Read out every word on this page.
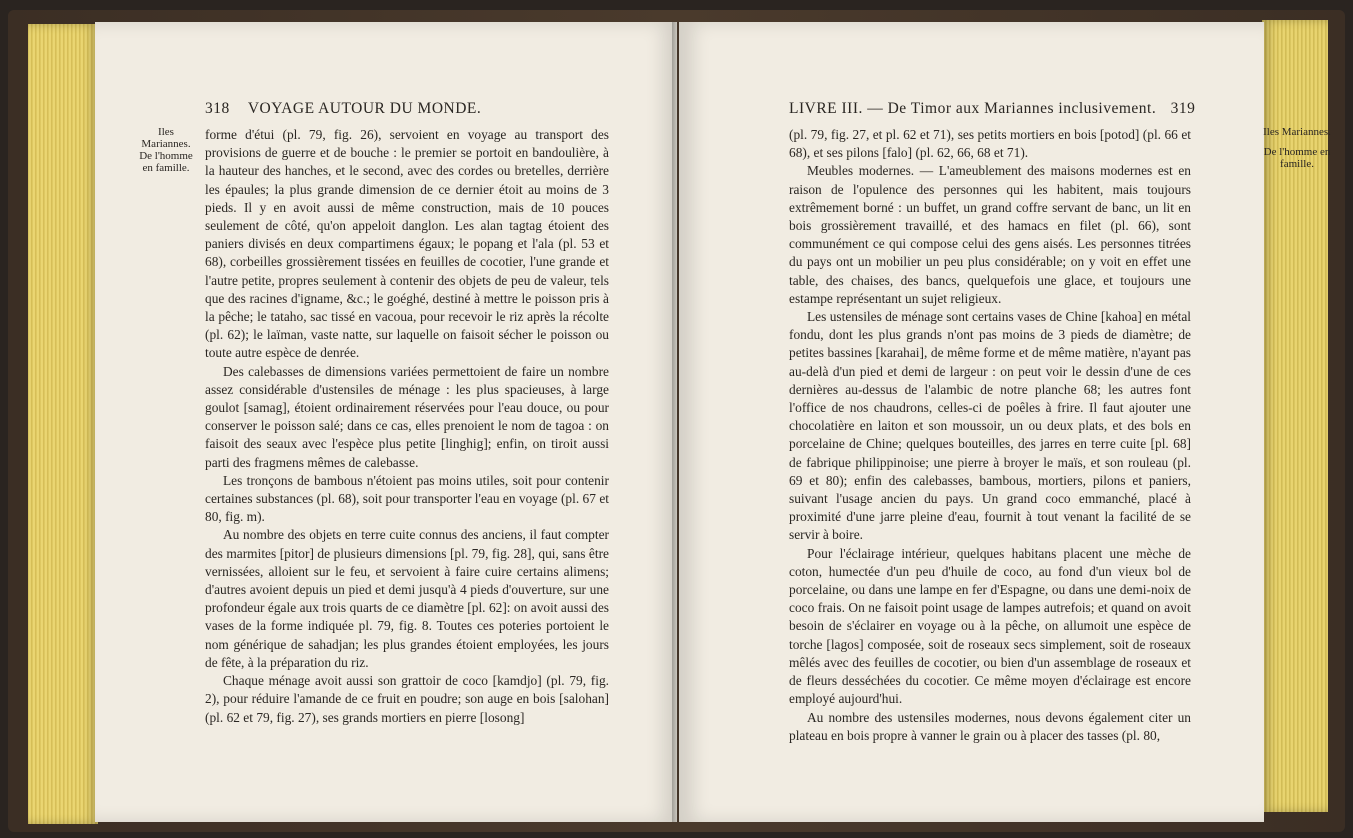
318 VOYAGE AUTOUR DU MONDE.
Iles Mariannes.
De l'homme en famille.

forme d'étui (pl. 79, fig. 26), servoient en voyage au transport des provisions de guerre et de bouche : le premier se portoit en bandoulière, à la hauteur des hanches, et le second, avec des cordes ou bretelles, derrière les épaules; la plus grande dimension de ce dernier étoit au moins de 3 pieds. Il y en avoit aussi de même construction, mais de 10 pouces seulement de côté, qu'on appeloit danglon. Les alan tagtag étoient des paniers divisés en deux compartimens égaux; le popang et l'ala (pl. 53 et 68), corbeilles grossièrement tissées en feuilles de cocotier, l'une grande et l'autre petite, propres seulement à contenir des objets de peu de valeur, tels que des racines d'igname, &c.; le goéghé, destiné à mettre le poisson pris à la pêche; le tataho, sac tissé en vacoua, pour recevoir le riz après la récolte (pl. 62); le laïman, vaste natte, sur laquelle on faisoit sécher le poisson ou toute autre espèce de denrée.

Des calebasses de dimensions variées permettoient de faire un nombre assez considérable d'ustensiles de ménage : les plus spacieuses, à large goulot [samag], étoient ordinairement réservées pour l'eau douce, ou pour conserver le poisson salé; dans ce cas, elles prenoient le nom de tagoa : on faisoit des seaux avec l'espèce plus petite [linghig]; enfin, on tiroit aussi parti des fragmens mêmes de calebasse.

Les tronçons de bambous n'étoient pas moins utiles, soit pour contenir certaines substances (pl. 68), soit pour transporter l'eau en voyage (pl. 67 et 80, fig. m).

Au nombre des objets en terre cuite connus des anciens, il faut compter des marmites [pitor] de plusieurs dimensions [pl. 79, fig. 28], qui, sans être vernissées, alloient sur le feu, et servoient à faire cuire certains alimens; d'autres avoient depuis un pied et demi jusqu'à 4 pieds d'ouverture, sur une profondeur égale aux trois quarts de ce diamètre [pl. 62]: on avoit aussi des vases de la forme indiquée pl. 79, fig. 8. Toutes ces poteries portoient le nom générique de sahadjan; les plus grandes étoient employées, les jours de fête, à la préparation du riz.

Chaque ménage avoit aussi son grattoir de coco [kamdjo] (pl. 79, fig. 2), pour réduire l'amande de ce fruit en poudre; son auge en bois [salohan] (pl. 62 et 79, fig. 27), ses grands mortiers en pierre [losong]

LIVRE III. — De Timor aux Mariannes inclusivement. 319

(pl. 79, fig. 27, et pl. 62 et 71), ses petits mortiers en bois [potod] (pl. 66 et 68), et ses pilons [falo] (pl. 62, 66, 68 et 71).

Meubles modernes. — L'ameublement des maisons modernes est en raison de l'opulence des personnes qui les habitent, mais toujours extrêmement borné : un buffet, un grand coffre servant de banc, un lit en bois grossièrement travaillé, et des hamacs en filet (pl. 66), sont communément ce qui compose celui des gens aisés. Les personnes titrées du pays ont un mobilier un peu plus considérable; on y voit en effet une table, des chaises, des bancs, quelquefois une glace, et toujours une estampe représentant un sujet religieux.

Les ustensiles de ménage sont certains vases de Chine [kahoa] en métal fondu, dont les plus grands n'ont pas moins de 3 pieds de diamètre; de petites bassines [karahai], de même forme et de même matière, n'ayant pas au-delà d'un pied et demi de largeur : on peut voir le dessin d'une de ces dernières au-dessus de l'alambic de notre planche 68; les autres font l'office de nos chaudrons, celles-ci de poêles à frire. Il faut ajouter une chocolatière en laiton et son moussoir, un ou deux plats, et des bols en porcelaine de Chine; quelques bouteilles, des jarres en terre cuite [pl. 68] de fabrique philippinoise; une pierre à broyer le maïs, et son rouleau (pl. 69 et 80); enfin des calebasses, bambous, mortiers, pilons et paniers, suivant l'usage ancien du pays. Un grand coco emmanché, placé à proximité d'une jarre pleine d'eau, fournit à tout venant la facilité de se servir à boire.

Pour l'éclairage intérieur, quelques habitans placent une mèche de coton, humectée d'un peu d'huile de coco, au fond d'un vieux bol de porcelaine, ou dans une lampe en fer d'Espagne, ou dans une demi-noix de coco frais. On ne faisoit point usage de lampes autrefois; et quand on avoit besoin de s'éclairer en voyage ou à la pêche, on allumoit une espèce de torche [lagos] composée, soit de roseaux secs simplement, soit de roseaux mêlés avec des feuilles de cocotier, ou bien d'un assemblage de roseaux et de fleurs desséchées du cocotier. Ce même moyen d'éclairage est encore employé aujourd'hui.

Au nombre des ustensiles modernes, nous devons également citer un plateau en bois propre à vanner le grain ou à placer des tasses (pl. 80,

Iles Mariannes.
De l'homme en famille.
